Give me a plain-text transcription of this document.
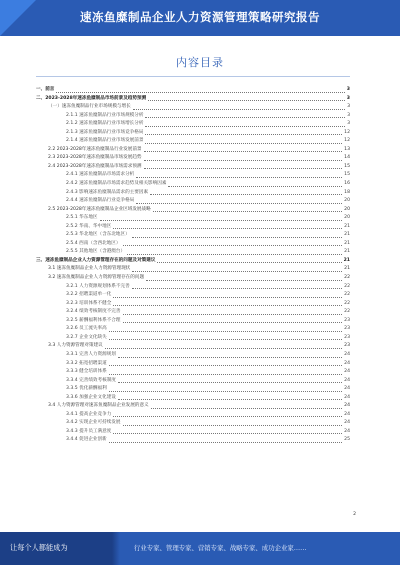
速冻鱼糜制品企业人力资源管理策略研究报告
内容目录
一、前言	3
二、2023-2028年速冻鱼糜制品市场前景及趋势预测	3
（一）速冻鱼糜制品行业市场规模与增长	3
2.1.1 速冻鱼糜制品行业市场规模分析	3
2.1.2 速冻鱼糜制品行业市场增长分析	3
2.1.3 速冻鱼糜制品行业市场竞争格局	12
2.1.4 速冻鱼糜制品行业市场发展前景	12
2.2 2023-2028年速冻鱼糜制品行业发展前景	13
2.3 2023-2028年速冻鱼糜制品市场发展趋势	14
2.4 2023-2028年速冻鱼糜制品市场需求预测	15
2.4.1 速冻鱼糜制品市场需求分析	15
2.4.2 速冻鱼糜制品市场需求趋势及相关影响因素	16
2.4.3 影响速冻鱼糜制品需求的主要因素	18
2.4.4 速冻鱼糜制品行业竞争格局	20
2.5 2023-2028年速冻鱼糜制品企业区域发展战略	20
2.5.1 华东地区	20
2.5.2 华南、华中地区	21
2.5.3 华北地区（含东北地区）	21
2.5.4 西南（含西北地区）	21
2.5.5 其他地区（含港澳台）	21
三、速冻鱼糜制品企业人力资源管理存在的问题及对策建议	21
3.1 速冻鱼糜制品企业人力资源管理现状	21
3.2 速冻鱼糜制品企业人力资源管理存在的问题	22
3.2.1 人力资源规划体系不完善	22
3.2.2 招聘渠道单一化	22
3.2.3 培训体系不健全	22
3.2.4 绩效考核制度不完善	22
3.2.5 薪酬福利体系不合理	23
3.2.6 员工流失率高	23
3.2.7 企业文化缺失	23
3.3 人力资源管理对策建议	23
3.3.1 完善人力资源规划	24
3.3.2 拓宽招聘渠道	24
3.3.3 健全培训体系	24
3.3.4 完善绩效考核制度	24
3.3.5 优化薪酬福利	24
3.3.6 加强企业文化建设	24
3.4 人力资源管理对速冻鱼糜制品企业发展的意义	24
3.4.1 提高企业竞争力	24
3.4.2 实现企业可持续发展	24
3.4.3 提升员工满意度	24
3.4.4 促进企业创新	25
2
让每个人都能成为	行业专家、管理专家、营销专家、战略专家、成功企业家……
